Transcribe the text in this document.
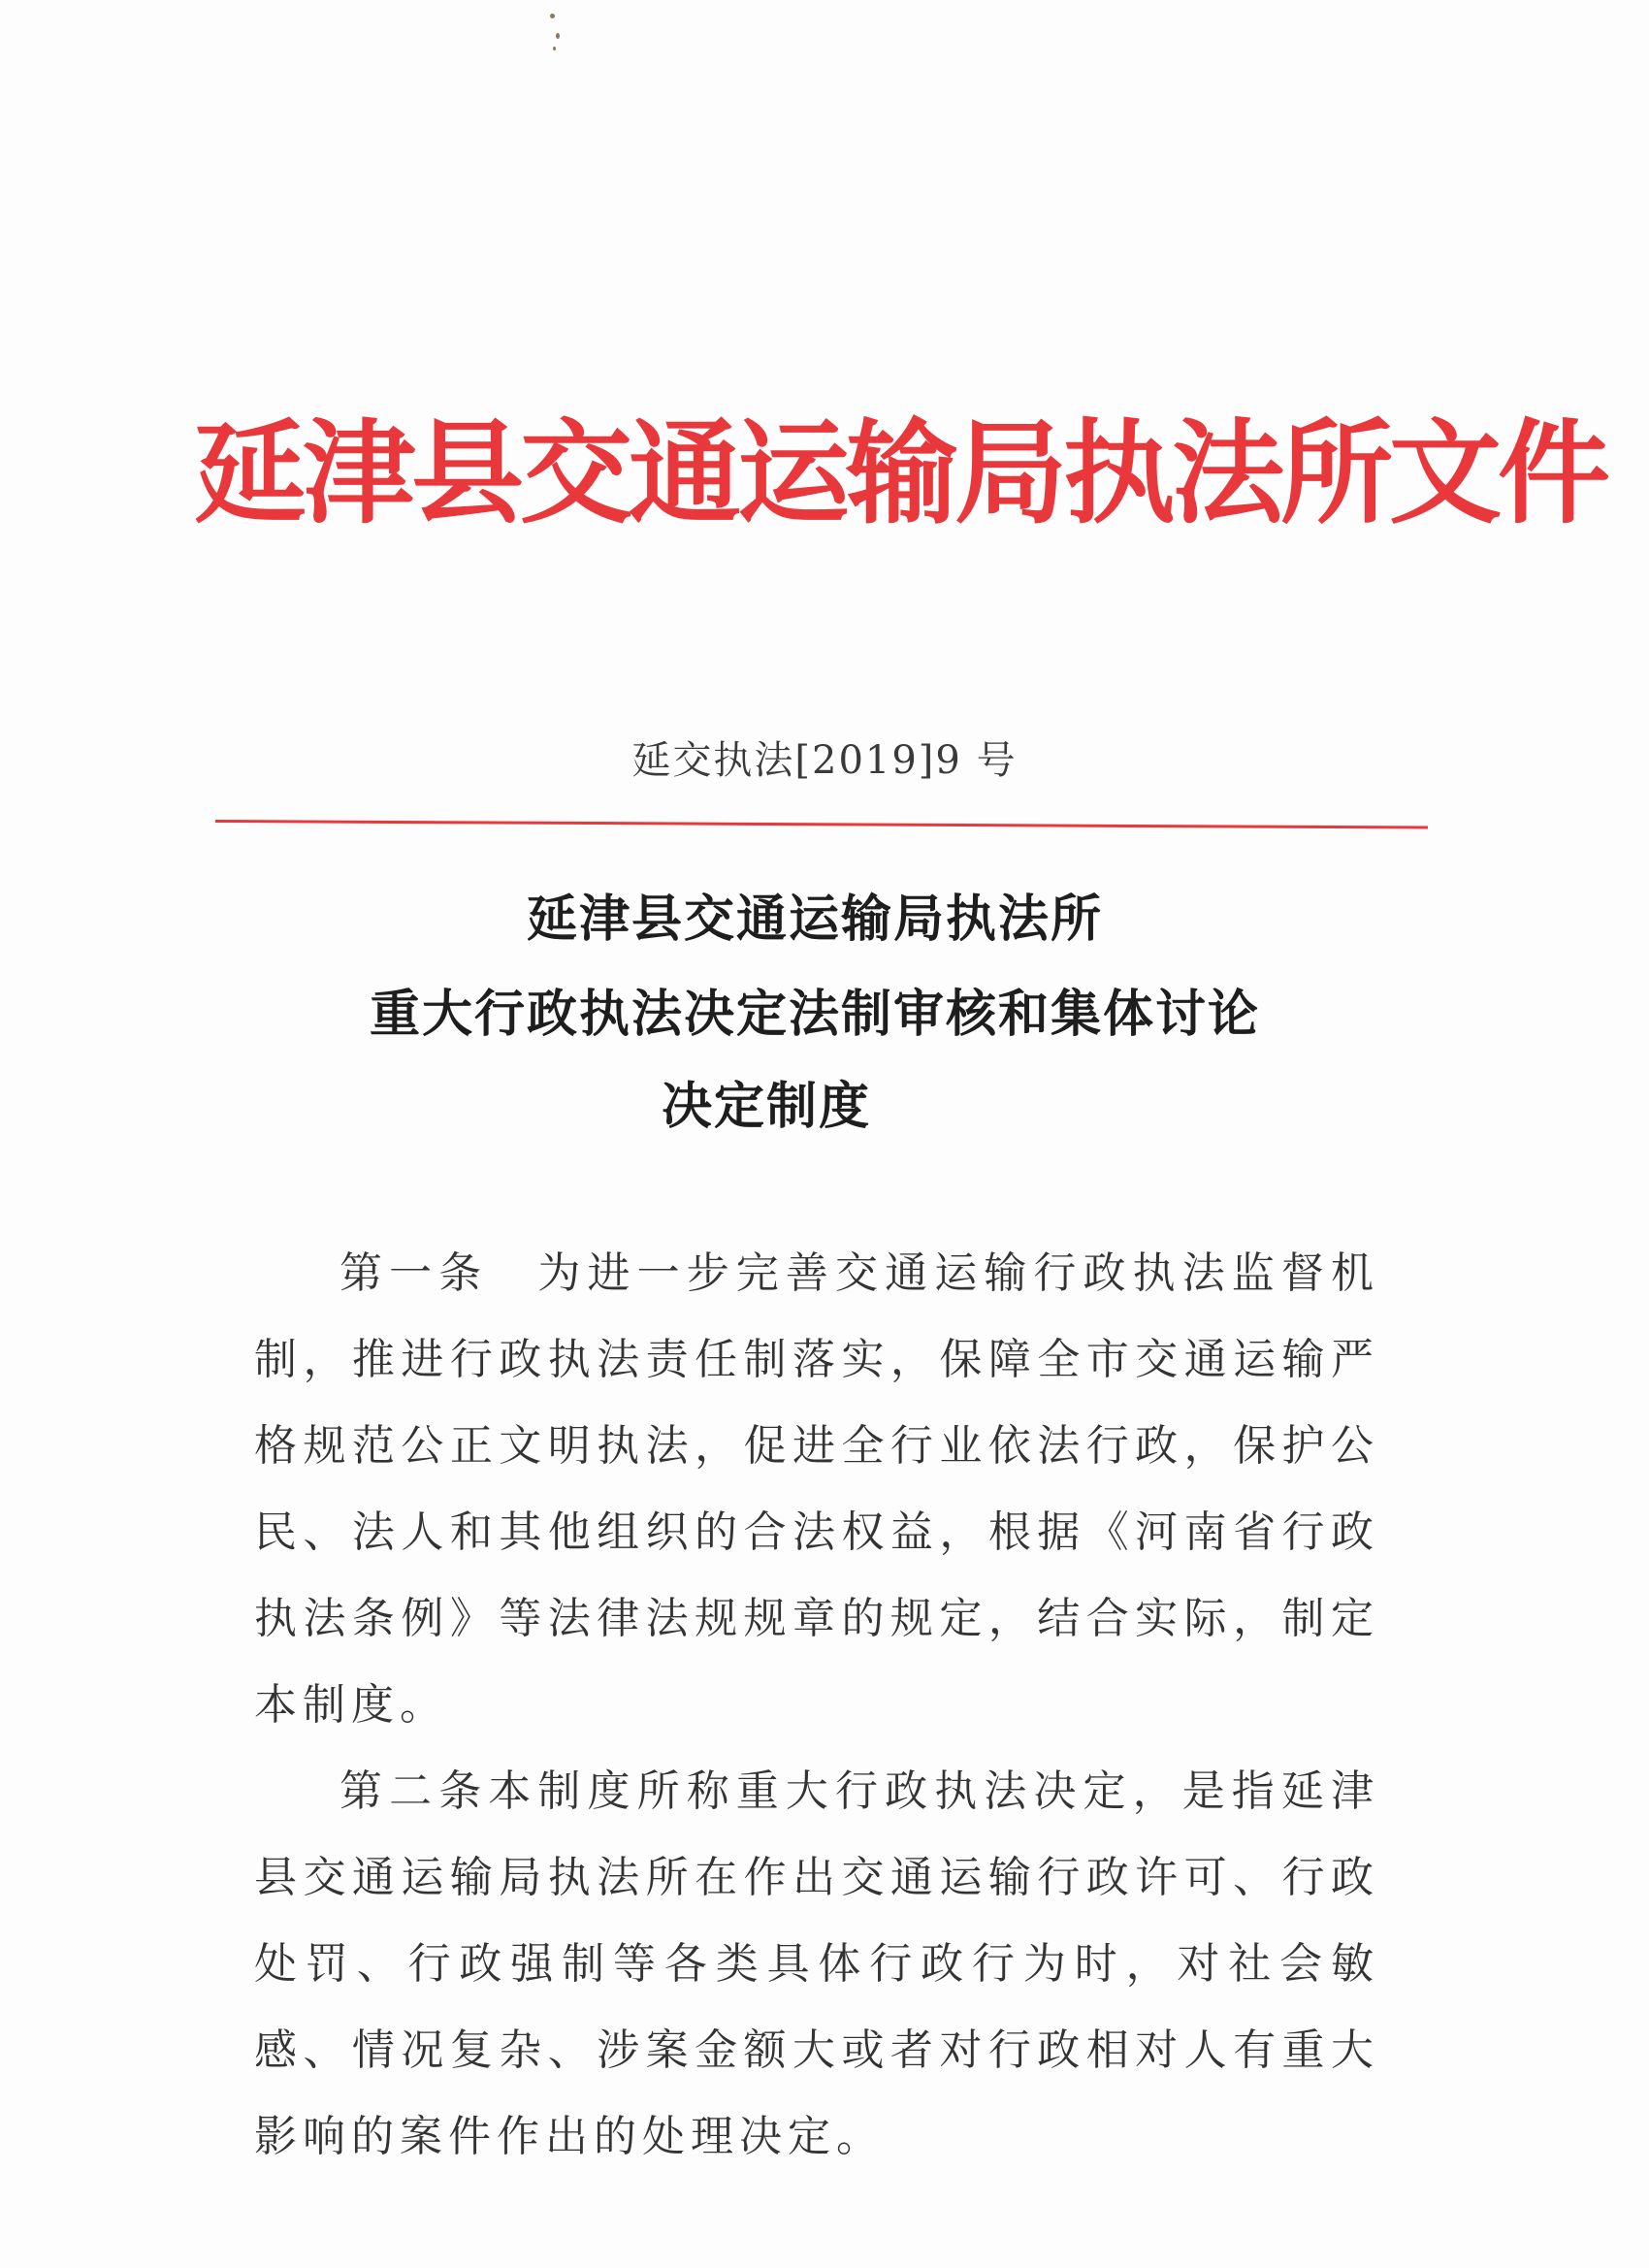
延津县交通运输局执法所文件
延交执法[2019]9 号
延津县交通运输局执法所
重大行政执法决定法制审核和集体讨论
决定制度

第一条　为进一步完善交通运输行政执法监督机制，推进行政执法责任制落实，保障全市交通运输严格规范公正文明执法，促进全行业依法行政，保护公民、法人和其他组织的合法权益，根据《河南省行政执法条例》等法律法规规章的规定，结合实际，制定本制度。

第二条本制度所称重大行政执法决定，是指延津县交通运输局执法所在作出交通运输行政许可、行政处罚、行政强制等各类具体行政行为时，对社会敏感、情况复杂、涉案金额大或者对行政相对人有重大影响的案件作出的处理决定。
